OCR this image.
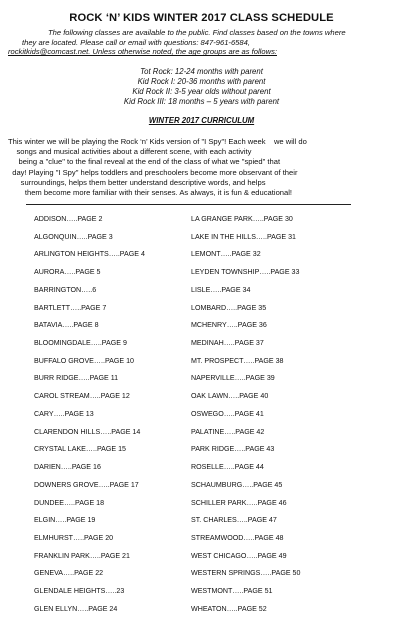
ROCK ‘N’ KIDS WINTER 2017 CLASS SCHEDULE
The following classes are available to the public. Find classes based on the towns where
they are located. Please call or email with questions: 847-961-6584,
rockitkids@comcast.net. Unless otherwise noted, the age groups are as follows:
Tot Rock: 12-24 months with parent
Kid Rock I: 20-36 months with parent
Kid Rock II: 3-5 year olds without parent
Kid Rock III: 18 months – 5 years with parent
WINTER 2017 CURRICULUM
This winter we will be playing the Rock ‘n’ Kids version of "I Spy"! Each week    we will do
songs and musical activities about a different scene, with each activity
being a "clue" to the final reveal at the end of the class of what we "spied" that
day! Playing "I Spy" helps toddlers and preschoolers become more observant of their
surroundings, helps them better understand descriptive words, and helps
them become more familiar with their senses. As always, it is fun & educational!
ADDISON…..PAGE 2
ALGONQUIN…..PAGE 3
ARLINGTON HEIGHTS…..PAGE 4
AURORA…..PAGE 5
BARRINGTON…..6
BARTLETT…..PAGE 7
BATAVIA…..PAGE 8
BLOOMINGDALE…..PAGE 9
BUFFALO GROVE…..PAGE 10
BURR RIDGE…..PAGE 11
CAROL STREAM…..PAGE 12
CARY…..PAGE 13
CLARENDON HILLS…..PAGE 14
CRYSTAL LAKE…..PAGE 15
DARIEN…..PAGE 16
DOWNERS GROVE…..PAGE 17
DUNDEE…..PAGE 18
ELGIN…..PAGE 19
ELMHURST…..PAGE 20
FRANKLIN PARK…..PAGE 21
GENEVA…..PAGE 22
GLENDALE HEIGHTS…..23
GLEN ELLYN…..PAGE 24
LA GRANGE PARK…..PAGE 30
LAKE IN THE HILLS…..PAGE 31
LEMONT…..PAGE 32
LEYDEN TOWNSHIP…..PAGE 33
LISLE…..PAGE 34
LOMBARD…..PAGE 35
MCHENRY…..PAGE 36
MEDINAH…..PAGE 37
MT. PROSPECT…..PAGE 38
NAPERVILLE…..PAGE 39
OAK LAWN…..PAGE 40
OSWEGO…..PAGE 41
PALATINE…..PAGE 42
PARK RIDGE…..PAGE 43
ROSELLE…..PAGE 44
SCHAUMBURG…..PAGE 45
SCHILLER PARK…..PAGE 46
ST. CHARLES…..PAGE 47
STREAMWOOD…..PAGE 48
WEST CHICAGO…..PAGE 49
WESTERN SPRINGS…..PAGE 50
WESTMONT…..PAGE 51
WHEATON…..PAGE 52
